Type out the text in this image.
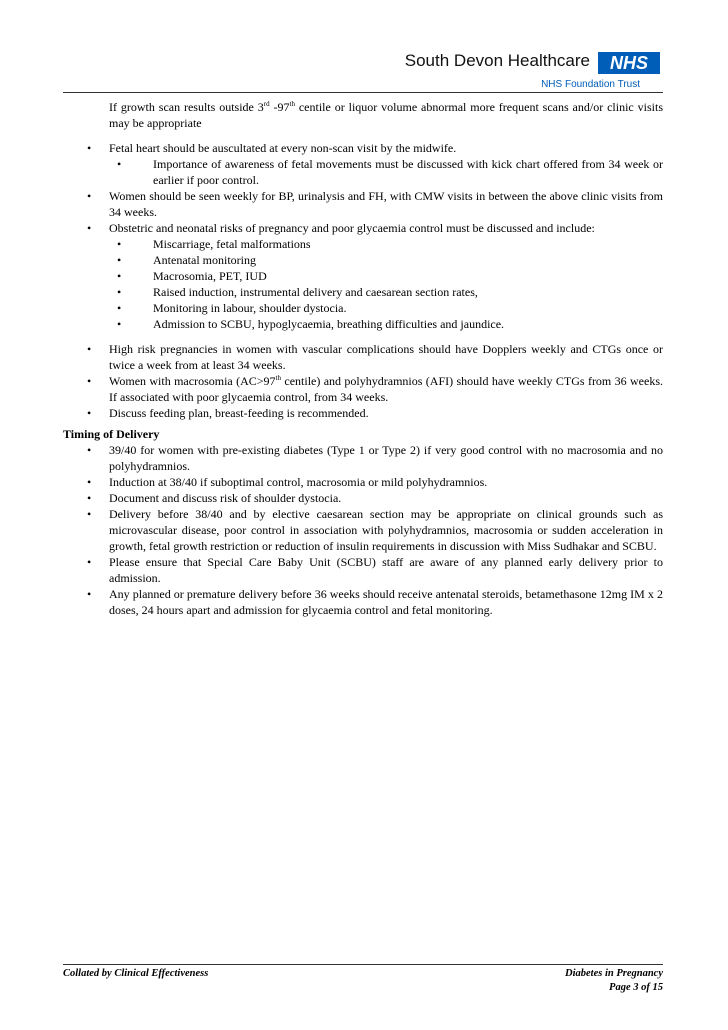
South Devon Healthcare	NHS
NHS Foundation Trust

If growth scan results outside 3rd -97th centile or liquor volume abnormal more frequent scans and/or clinic visits may be appropriate

• Fetal heart should be auscultated at every non-scan visit by the midwife.
• Importance of awareness of fetal movements must be discussed with kick chart offered from 34 week or earlier if poor control.
• Women should be seen weekly for BP, urinalysis and FH, with CMW visits in between the above clinic visits from 34 weeks.
• Obstetric and neonatal risks of pregnancy and poor glycaemia control must be discussed and include:
• Miscarriage, fetal malformations
• Antenatal monitoring
• Macrosomia, PET, IUD
• Raised induction, instrumental delivery and caesarean section rates,
• Monitoring in labour, shoulder dystocia.
• Admission to SCBU, hypoglycaemia, breathing difficulties and jaundice.
• High risk pregnancies in women with vascular complications should have Dopplers weekly and CTGs once or twice a week from at least 34 weeks.
• Women with macrosomia (AC>97th centile) and polyhydramnios (AFI) should have weekly CTGs from 36 weeks. If associated with poor glycaemia control, from 34 weeks.
• Discuss feeding plan, breast-feeding is recommended.

Timing of Delivery

• 39/40 for women with pre-existing diabetes (Type 1 or Type 2) if very good control with no macrosomia and no polyhydramnios.
• Induction at 38/40 if suboptimal control, macrosomia or mild polyhydramnios.
• Document and discuss risk of shoulder dystocia.
• Delivery before 38/40 and by elective caesarean section may be appropriate on clinical grounds such as microvascular disease, poor control in association with polyhydramnios, macrosomia or sudden acceleration in growth, fetal growth restriction or reduction of insulin requirements in discussion with Miss Sudhakar and SCBU.
• Please ensure that Special Care Baby Unit (SCBU) staff are aware of any planned early delivery prior to admission.
• Any planned or premature delivery before 36 weeks should receive antenatal steroids, betamethasone 12mg IM x 2 doses, 24 hours apart and admission for glycaemia control and fetal monitoring.
Collated by Clinical Effectiveness	Diabetes in Pregnancy
Page 3 of 15
